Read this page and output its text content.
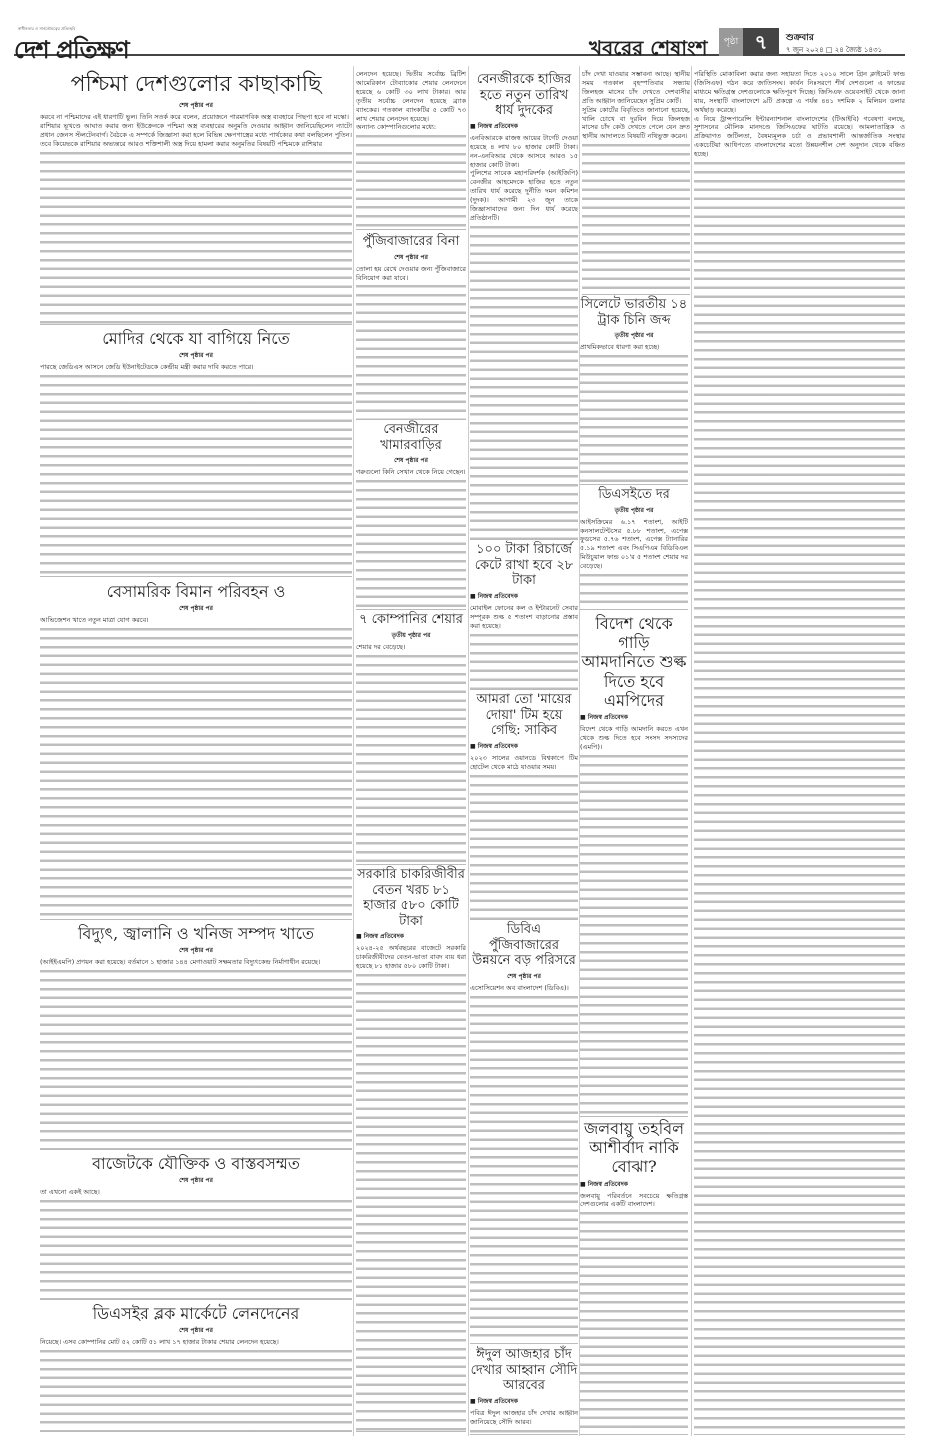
স্বাধীনতার ও সার্বভৌমত্বের প্রতিচ্ছবি
দেশ প্রতিক্ষণ	খবরের শেষাংশ	পৃষ্ঠা ৭	শুক্রবার
৭ জুন ২০২৪ □ ২৪ জ্যৈষ্ঠ ১৪৩১
পশ্চিমা দেশগুলোর কাছাকাছি
শেষ পৃষ্ঠার পর

করবে না পশ্চিমাদের এই ধারণাটি ভুল। তিনি সতর্ক করে বলেন, প্রয়োজনে পারমাণবিক অস্ত্র ব্যবহারে পিছপা হবে না মস্কো।

রাশিয়ার ভূখণ্ডে আঘাত করার জন্য ইউক্রেনকে পশ্চিমা অস্ত্র ব্যবহারের অনুমতি দেওয়ার আহ্বান জানিয়েছিলেন ন্যাটো প্রধান জেনস স্টলটেনবার্গ। বৈঠকে এ সম্পর্কে জিজ্ঞাসা করা হলে বিভিন্ন ক্ষেপণাস্ত্রের মধ্যে পার্থক্যের কথা বলছিলেন পুতিন। তবে কিয়েভকে রাশিয়ার অভ্যন্তরে আরও শক্তিশালী অস্ত্র দিয়ে হামলা করার অনুমতির বিষয়টি পশ্চিমকে রাশিয়ার

মোদির থেকে যা বাগিয়ে নিতে
শেষ পৃষ্ঠার পর

পারছে জেডিএস আসনে জেডি ইউনাইটেডকে কেন্দ্রীয় মন্ত্রী করার দাবি করতে পারে।

বেসামরিক বিমান পরিবহন ও
শেষ পৃষ্ঠার পর

আভিজেশন খাতে নতুন মাত্রা যোগ করবে।

বিদ্যুৎ, জ্বালানি ও খনিজ সম্পদ খাতে
শেষ পৃষ্ঠার পর

(আইইএমপি) প্রণয়ন করা হয়েছে। বর্তমানে ১ হাজার ১৪৪ মেগাওয়াট সক্ষমতার বিদ্যুৎকেন্দ্র নির্মাণাধীন রয়েছে।

বাজেটকে যৌক্তিক ও বাস্তবসম্মত
শেষ পৃষ্ঠার পর

তা এখনো একই আছে।

ডিএসইর ব্লক মার্কেটে লেনদেনের
শেষ পৃষ্ঠার পর

নিয়েছে। এসব কোম্পানির মোট ৫২ কোটি ৫১ লাখ ১৭ হাজার টাকার শেয়ার লেনদেন হয়েছে।

লেনদেন হয়েছে। দ্বিতীয় সর্বোচ্চ ব্রিটিশ আমেরিকান টোব্যাকোর শেয়ার লেনদেনে হয়েছে ৬ কোটি ৩০ লাখ টাকার। আর তৃতীয় সর্বোচ্চ লেনদেন হয়েছে ব্র্যাক ব্যাংকের। গতকাল ব্যাংকটির ৫ কোটি ৭৩ লাখ শেয়ার লেনদেন হয়েছে।

অন্যান্য কোম্পানিগুলোর মধ্যে:

পুঁজিবাজারের বিনা
শেষ পৃষ্ঠার পর

তোলা হয় রেখে দেওয়ার জন্য পুঁজিবাজারে বিনিয়োগ করা যাবে।

বেনজীরের খামারবাড়ির
শেষ পৃষ্ঠার পর

গরুগুলো কিনি সেখান থেকে নিয়ে গেছেন।

৭ কোম্পানির শেয়ার
তৃতীয় পৃষ্ঠার পর

শেয়ার দর বেড়েছে।

সরকারি চাকরিজীবীর বেতন খরচ ৮১ হাজার ৫৮০ কোটি টাকা
■ নিজস্ব প্রতিবেদক

২০২৪-২৫ অর্থবছরের বাজেটে সরকারি চাকরিজীবীদের বেতন-ভাতা বাবদ ব্যয় ধরা হয়েছে ৮১ হাজার ৫৮০ কোটি টাকা।

বেনজীরকে হাজির হতে নতুন তারিখ ধার্য দুদকের
■ নিজস্ব প্রতিবেদক

এনবিআরকে রাজস্ব আয়ের টার্গেট দেওয়া হয়েছে ৪ লাখ ৮০ হাজার কোটি টাকা। নন-এনবিআর থেকে আসবে আরও ১৫ হাজার কোটি টাকা।

পুলিশের সাবেক মহাপরিদর্শক (আইজিপি) বেনজীর আহমেদকে হাজির হতে নতুন তারিখ ধার্য করেছে দুর্নীতি দমন কমিশন (দুদক)। আগামী ২৩ জুন তাকে জিজ্ঞাসাবাদের জন্য দিন ধার্য করেছে প্রতিষ্ঠানটি।

সিলেটে ভারতীয় ১৪ ট্রাক চিনি জব্দ
তৃতীয় পৃষ্ঠার পর

প্রাথমিকভাবে ধারণা করা হচ্ছে।

ডিএসইতে দর
তৃতীয় পৃষ্ঠার পর

আইসক্রিমের ৬.১৭ শতাংশ, আইটি কনসালটেন্টসের ৫.৮৮ শতাংশ, এপেক্স ফুডসের ৫.৭৬ শতাংশ, এপেক্স ট্যানারির ৫.১৯ শতাংশ এবং সিএপিএম বিডিবিএল মিউচুয়াল ফান্ড ০১'র ৫ শতাংশ শেয়ার দর বেড়েছে।

বিদেশ থেকে গাড়ি আমদানিতে শুল্ক দিতে হবে এমপিদের
■ নিজস্ব প্রতিবেদক

বিদেশ থেকে গাড়ি আমদানি করতে এখন থেকে শুল্ক দিতে হবে সংসদ সদস্যদের (এমপি)।

১০০ টাকা রিচার্জে কেটে রাখা হবে ২৮ টাকা
■ নিজস্ব প্রতিবেদক

মোবাইল ফোনের কল ও ইন্টারনেট সেবার সম্পূরক শুল্ক ৫ শতাংশ বাড়ানোর প্রস্তাব করা হয়েছে।

আমরা তো 'মায়ের দোয়া' টিম হয়ে গেছি: সাকিব
■ নিজস্ব প্রতিবেদক

২০২৩ সালের ওয়ানডে বিশ্বকাপে টিম হোটেল থেকে মাঠে যাওয়ার সময়।

ডিবিএ পুঁজিবাজারের উন্নয়নে বড় পরিসরে
শেষ পৃষ্ঠার পর

এসোসিয়েশন অব বাংলাদেশ (ডিবিএ)।

ঈদুল আজহার চাঁদ দেখার আহ্বান সৌদি আরবের
■ নিজস্ব প্রতিবেদক

পবিত্র ঈদুল আজহার চাঁদ দেখার আহ্বান জানিয়েছে সৌদি আরব।

চাঁদ দেখা যাওয়ার সম্ভাবনা আছে। স্থানীয় সময় গতকাল বৃহস্পতিবার সন্ধ্যায় জিলহজ মাসের চাঁদ দেখতে দেশবাসীর প্রতি আহ্বান জানিয়েছেন সুপ্রিম কোর্ট।

সুপ্রিম কোর্টের বিবৃতিতে জানানো হয়েছে, খালি চোখে বা দুরবিন দিয়ে জিলহজ মাসের চাঁদ কেউ দেখতে পেলে যেন দ্রুত স্থানীয় আদালতে বিষয়টি নথিভুক্ত করেন।

জলবায়ু তহবিল আশীর্বাদ নাকি বোঝা?
■ নিজস্ব প্রতিবেদক

জলবায়ু পরিবর্তনে সবচেয়ে ক্ষতিগ্রস্ত দেশগুলোর একটি বাংলাদেশ।

পরিস্থিতি মোকাবিলা করার জন্য সহায়তা দিতে ২০১০ সালে গ্রিন ক্লাইমেট ফান্ড (জিসিএফ) গঠন করে জাতিসংঘ। কার্বন নিঃসরণে শীর্ষ দেশগুলো এ ফান্ডের মাধ্যমে ক্ষতিগ্রস্ত দেশগুলোকে ক্ষতিপূরণ দিচ্ছে। জিসিএফ ওয়েবসাইট থেকে জানা যায়, সংস্থাটি বাংলাদেশে ৯টি প্রকল্পে এ পর্যন্ত ৪৪১ দশমিক ২ মিলিয়ন ডলার অর্থছাড় করেছে।

এ নিয়ে ট্রান্সপারেন্সি ইন্টারন্যাশনাল বাংলাদেশের (টিআইবি) গবেষণা বলছে, সুশাসনের মৌলিক মানদণ্ডে জিসিএফের ঘাটতি রয়েছে। আমলাতান্ত্রিক ও প্রক্রিয়াগত জটিলতা, বৈষম্যমূলক চর্চা ও প্রভাবশালী আন্তর্জাতিক সংস্থার একচেটিয়া আধিপত্যে বাংলাদেশের মতো উন্নয়নশীল দেশ অনুদান থেকে বঞ্চিত হচ্ছে।
